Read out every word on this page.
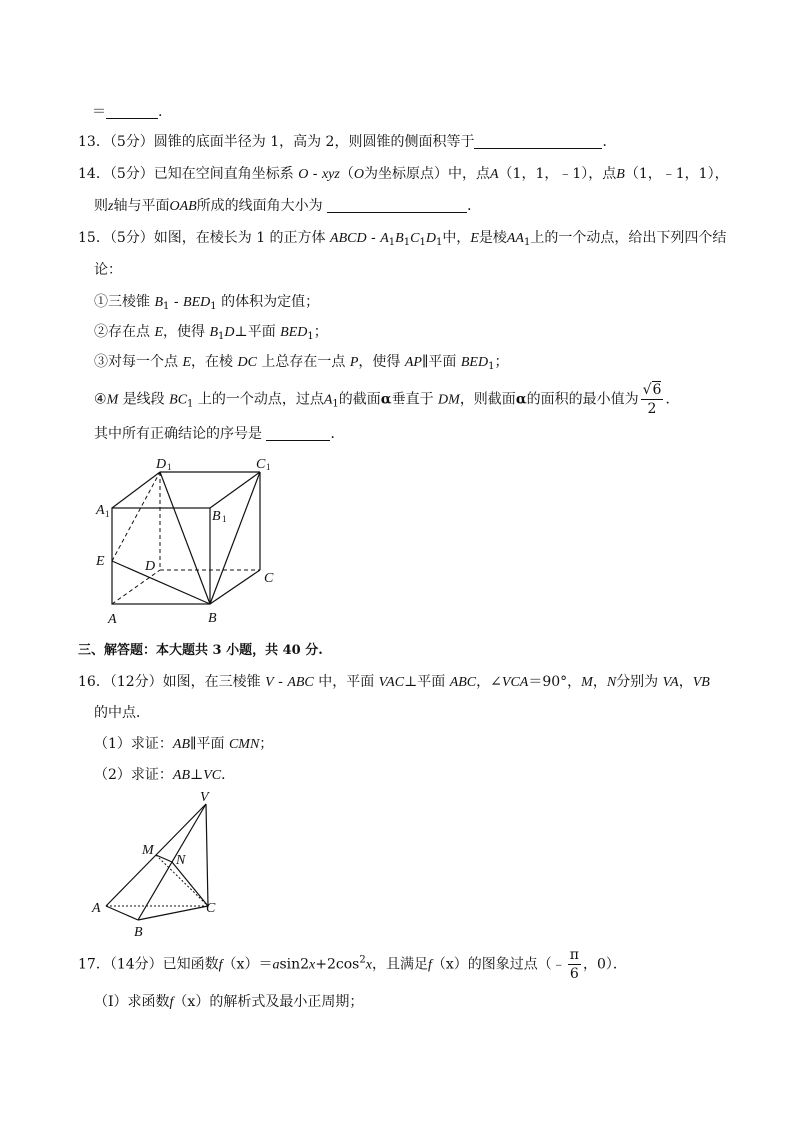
＝	.
13．（5分）圆锥的底面半径为 1，高为 2，则圆锥的侧面积等于	．
14．（5分）已知在空间直角坐标系 O - xyz（O为坐标原点）中，点A（1，1，﹣1），点B（1，﹣1，1），
则z轴与平面OAB所成的线面角大小为	．
15．（5分）如图，在棱长为 1 的正方体 ABCD - $A_1B_1C_1D_1$中，E是棱$AA_1$上的一个动点，给出下列四个结
论：
①三棱锥 $B_1 - BED_1$ 的体积为定值；
②存在点 E，使得 $B_1D\perp$平面 $BED_1$；
③对每一个点 E，在棱 DC 上总存在一点 P，使得 AP∥平面 $BED_1$；
④M 是线段 $BC_1$ 上的一个动点，过点$A_1$的截面α垂直于 DM，则截面α的面积的最小值为 $\frac{√6}{2}$ ．
其中所有正确结论的序号是	．
D 1	C 1
A 1	B 1
E	D
C
A	B
三、解答题：本大题共 3 小题，共 40 分.
16．（12分）如图，在三棱锥 V - ABC 中，平面 VAC⊥平面 ABC，∠VCA＝90°，M，N分别为 VA，VB
的中点．
（1）求证：AB∥平面 CMN；
（2）求证：AB⊥VC．
V
M
N
A	C
B
17．（14分）已知函数$f(x)=asin2x+2\cos^2x$，且满足f（x）的图象过点（﹣ $\frac{\pi}{6}$ ，0）．
（Ⅰ）求函数f（x）的解析式及最小正周期；
